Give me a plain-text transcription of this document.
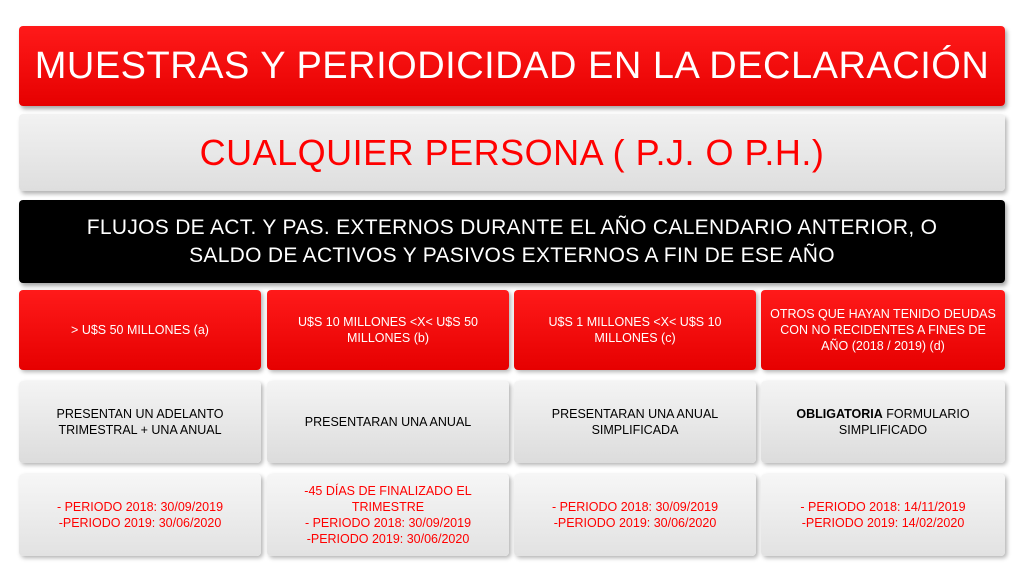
MUESTRAS Y PERIODICIDAD EN LA DECLARACIÓN
CUALQUIER PERSONA ( P.J. O P.H.)
FLUJOS DE ACT. Y PAS. EXTERNOS DURANTE EL AÑO CALENDARIO ANTERIOR, O
SALDO DE ACTIVOS Y PASIVOS EXTERNOS A FIN DE ESE AÑO
> U$S 50 MILLONES (a)
U$S 10 MILLONES <X< U$S 50
MILLONES (b)
U$S 1 MILLONES <X< U$S 10
MILLONES (c)
OTROS QUE HAYAN TENIDO DEUDAS
CON NO RECIDENTES A FINES DE
AÑO (2018 / 2019) (d)
PRESENTAN UN ADELANTO
TRIMESTRAL + UNA ANUAL
PRESENTARAN UNA ANUAL
PRESENTARAN UNA ANUAL
SIMPLIFICADA
OBLIGATORIA FORMULARIO
SIMPLIFICADO
- PERIODO 2018: 30/09/2019
-PERIODO 2019: 30/06/2020
-45 DÍAS DE FINALIZADO EL
TRIMESTRE
- PERIODO 2018: 30/09/2019
-PERIODO 2019: 30/06/2020
- PERIODO 2018: 30/09/2019
-PERIODO 2019: 30/06/2020
- PERIODO 2018: 14/11/2019
-PERIODO 2019: 14/02/2020
